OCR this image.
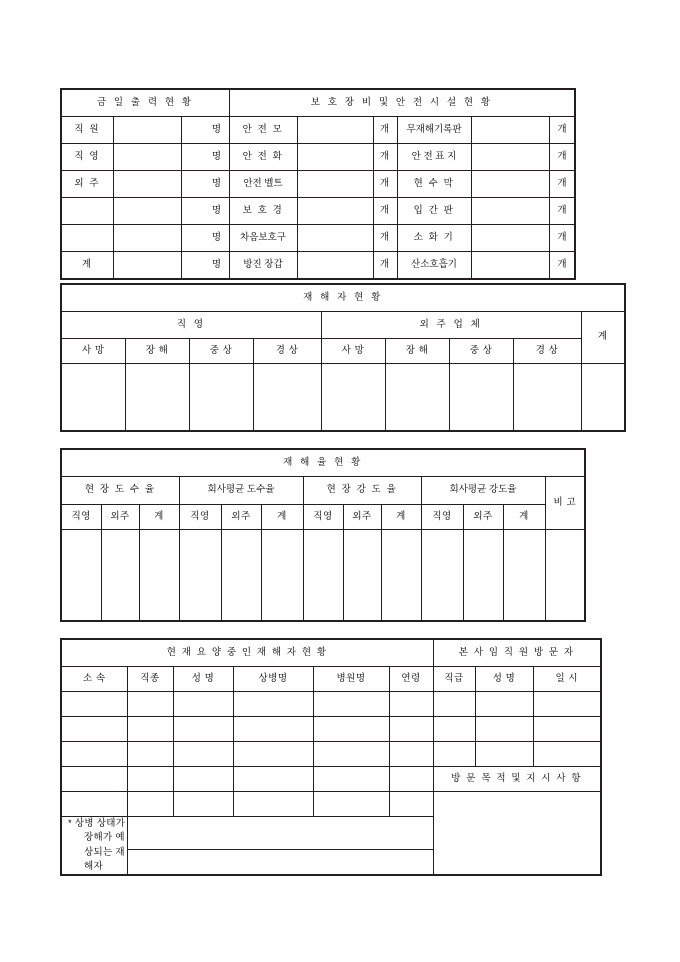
금 일 출 력 현 황			보 호 장 비 및 안 전 시 설 현 황					
직 원		명	안 전 모		개	무재해기록판		개
직 영		명	안 전 화		개	안 전 표 지		개
외 주		명	안전 벨트		개	현 수 막		개
		명	보 호 경		개	입 간 판		개
		명	차음보호구		개	소 화 기		개
계		명	방진 장갑		개	산소호흡기		개
재 해 자 현 황								
직 영				외 주 업 체				계
사 망	장 해	중 상	경 상	사 망	장 해	중 상	경 상	

재 해 율 현 황												
현 장 도 수 율			회사평균 도수율			현 장 강 도 율			회사평균 강도율			비 고
직영	외주	계	직영	외주	계	직영	외주	계	직영	외주	계	

현 재 요 양 중 인 재 해 자 현 황						본 사 임 직 원 방 문 자		
소 속	직종	성 명	상병명	병원명	연령	직급	성 명	일 시

						방 문 목 적 및 지 시 사 항		

* 상병 상태가
장해가 예상되는 재해자								
